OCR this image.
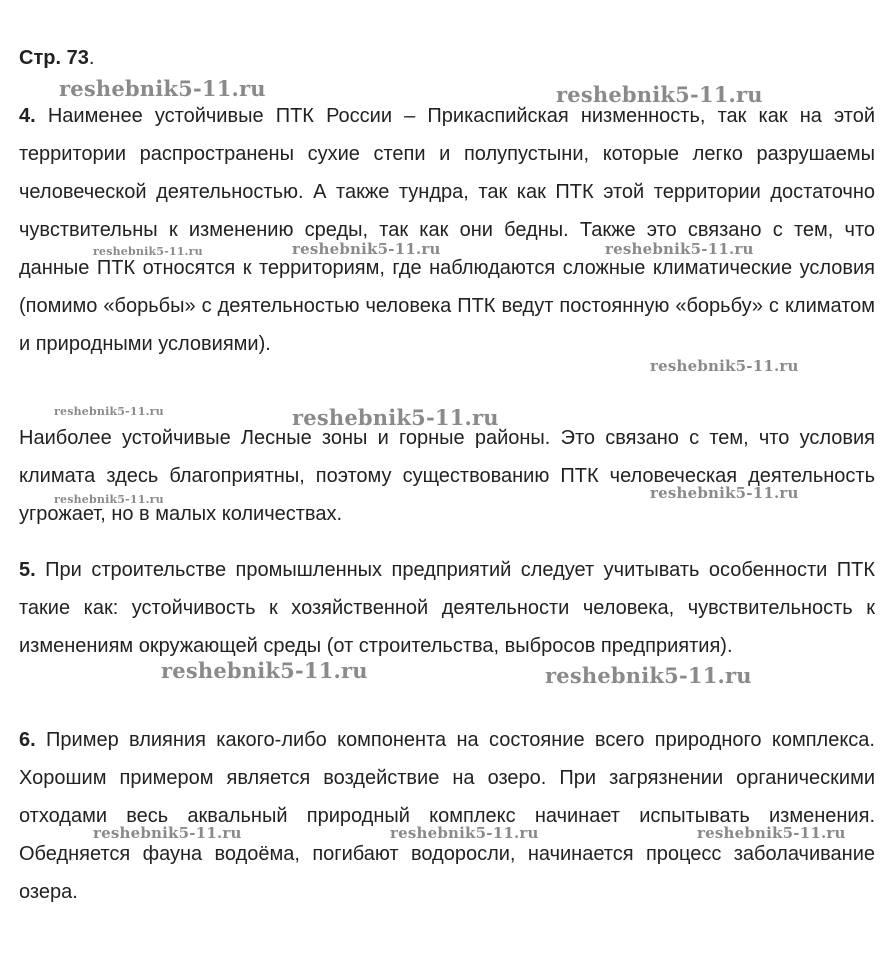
Стр. 73.

4. Наименее устойчивые ПТК России – Прикаспийская низменность, так как на этой территории распространены сухие степи и полупустыни, которые легко разрушаемы человеческой деятельностью. А также тундра, так как ПТК этой территории достаточно чувствительны к изменению среды, так как они бедны. Также это связано с тем, что данные ПТК относятся к территориям, где наблюдаются сложные климатические условия (помимо «борьбы» с деятельностью человека ПТК ведут постоянную «борьбу» с климатом и природными условиями).

Наиболее устойчивые Лесные зоны и горные районы. Это связано с тем, что условия климата здесь благоприятны, поэтому существованию ПТК человеческая деятельность угрожает, но в малых количествах.

5. При строительстве промышленных предприятий следует учитывать особенности ПТК такие как: устойчивость к хозяйственной деятельности человека, чувствительность к изменениям окружающей среды (от строительства, выбросов предприятия).

6. Пример влияния какого-либо компонента на состояние всего природного комплекса. Хорошим примером является воздействие на озеро. При загрязнении органическими отходами весь аквальный природный комплекс начинает испытывать изменения. Обедняется фауна водоёма, погибают водоросли, начинается процесс заболачивание озера.

reshebnik5-11.ru	reshebnik5-11.ru
reshebnik5-11.ru	reshebnik5-11.ru	reshebnik5-11.ru
reshebnik5-11.ru
reshebnik5-11.ru	reshebnik5-11.ru
reshebnik5-11.ru
reshebnik5-11.ru
reshebnik5-11.ru	reshebnik5-11.ru
reshebnik5-11.ru	reshebnik5-11.ru	reshebnik5-11.ru
